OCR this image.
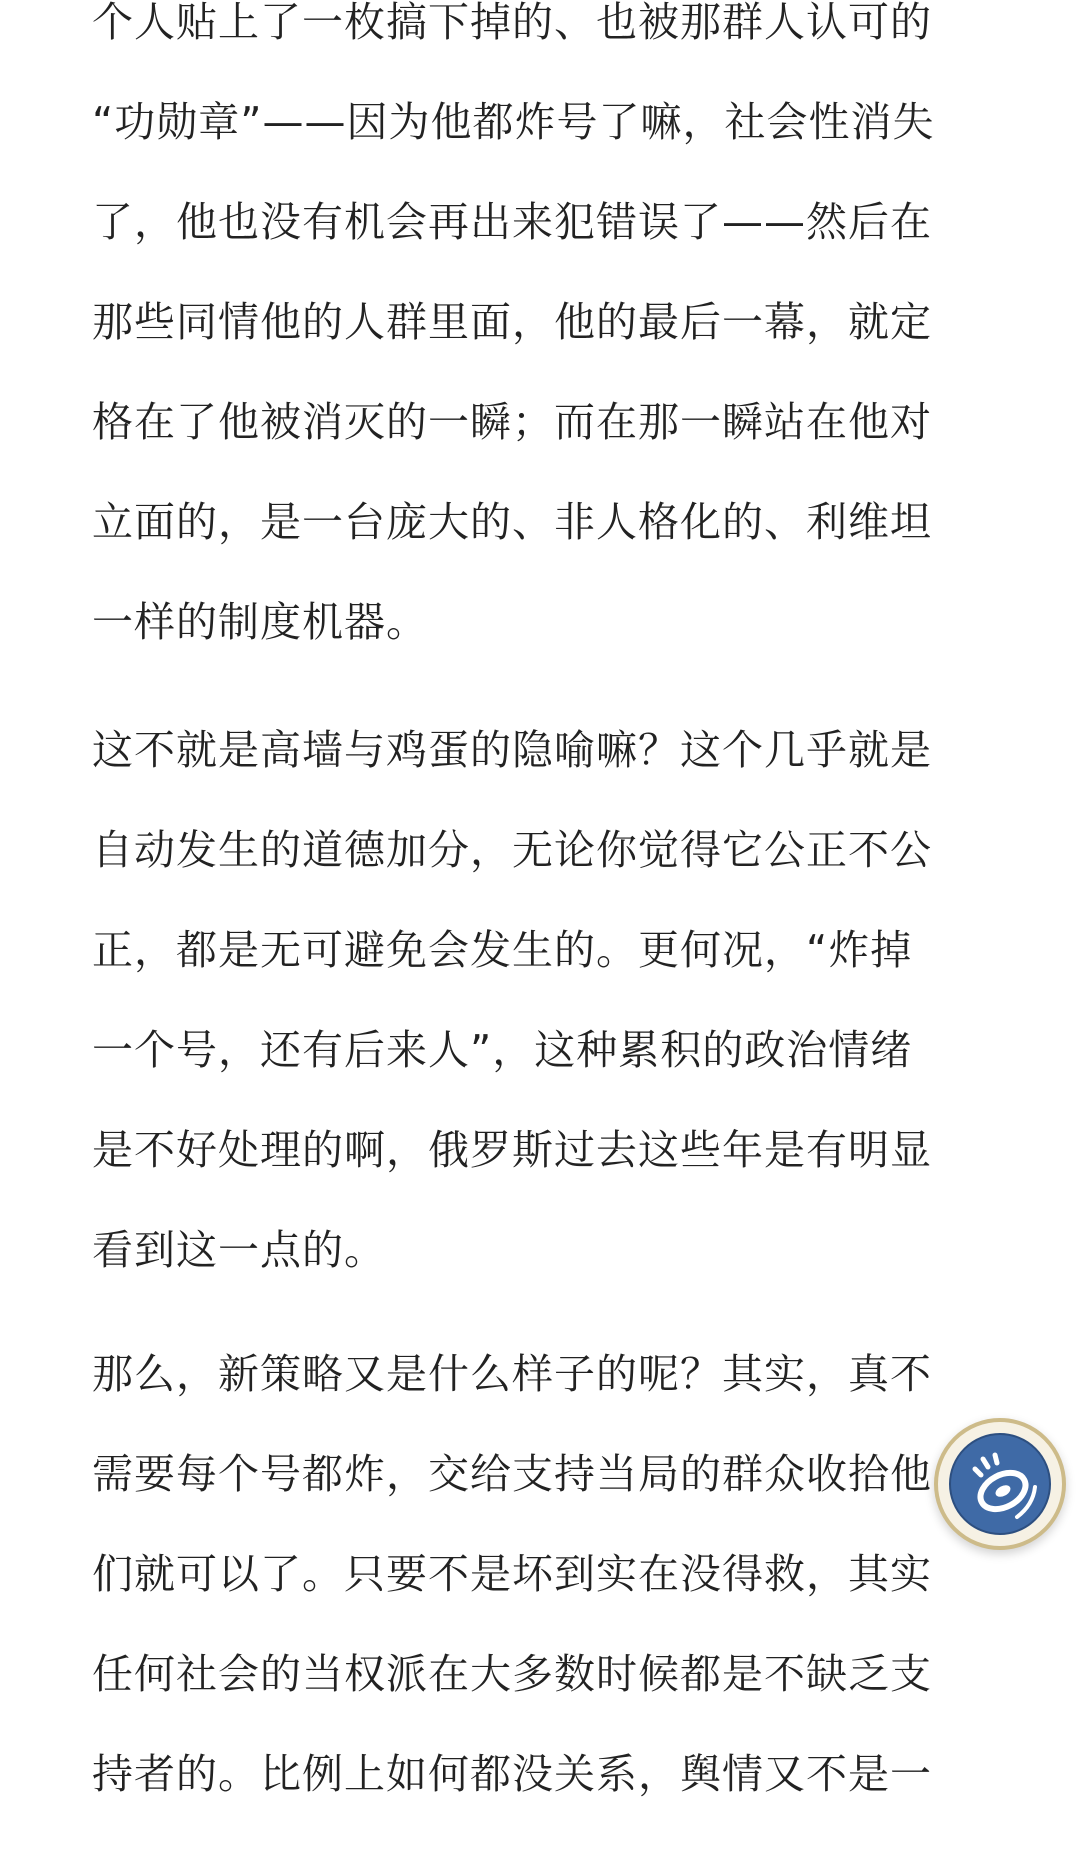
个人贴上了一枚搞下掉的、也被那群人认可的
“功勋章”——因为他都炸号了嘛，社会性消失
了，他也没有机会再出来犯错误了——然后在
那些同情他的人群里面，他的最后一幕，就定
格在了他被消灭的一瞬；而在那一瞬站在他对
立面的，是一台庞大的、非人格化的、利维坦
一样的制度机器。
这不就是高墙与鸡蛋的隐喻嘛？这个几乎就是
自动发生的道德加分，无论你觉得它公正不公
正，都是无可避免会发生的。更何况，“炸掉
一个号，还有后来人”，这种累积的政治情绪
是不好处理的啊，俄罗斯过去这些年是有明显
看到这一点的。
那么，新策略又是什么样子的呢？其实，真不
需要每个号都炸，交给支持当局的群众收拾他
们就可以了。只要不是坏到实在没得救，其实
任何社会的当权派在大多数时候都是不缺乏支
持者的。比例上如何都没关系，舆情又不是一
